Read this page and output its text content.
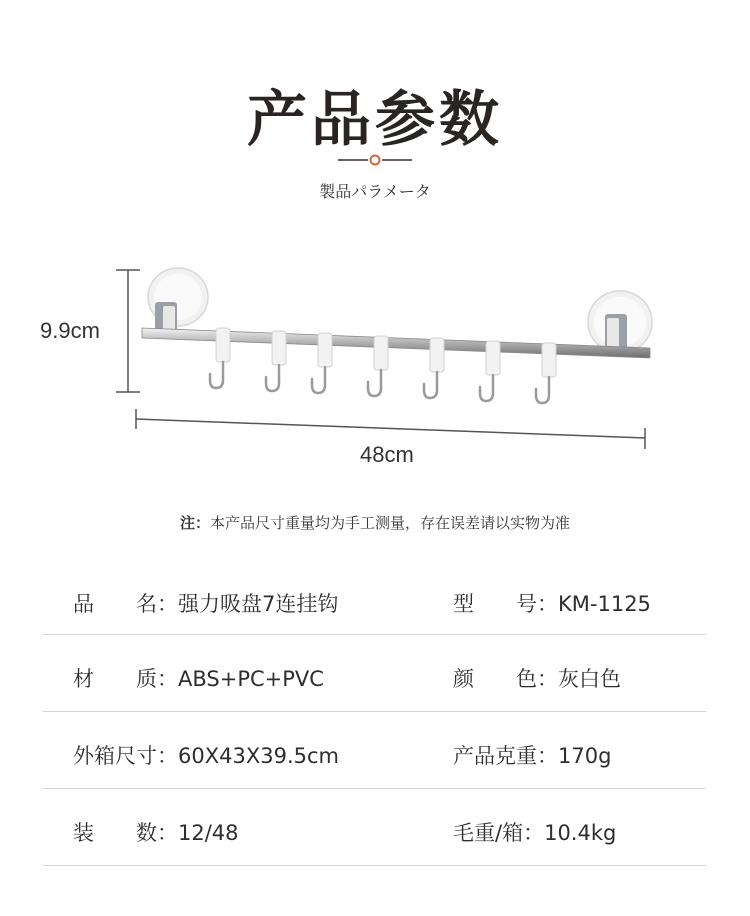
产品参数
製品パラメータ
9.9cm
48cm
注：本产品尺寸重量均为手工测量，存在误差请以实物为准
品　　名：强力吸盘7连挂钩	型　　号：KM-1125
材　　质：ABS+PC+PVC	颜　　色：灰白色
外箱尺寸：60X43X39.5cm	产品克重：170g
装　　数：12/48	毛重/箱：10.4kg
